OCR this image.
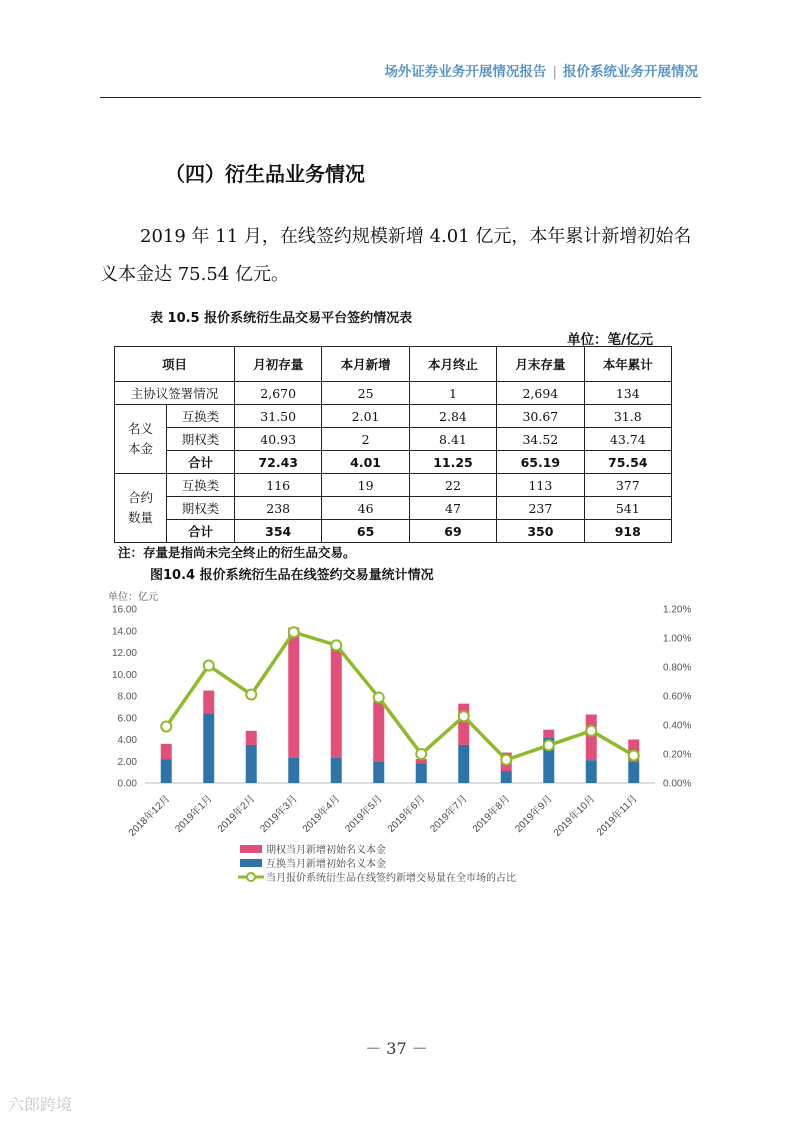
场外证券业务开展情况报告 | 报价系统业务开展情况
（四）衍生品业务情况
2019 年 11 月，在线签约规模新增 4.01 亿元，本年累计新增初始名义本金达 75.54 亿元。
表 10.5 报价系统衍生品交易平台签约情况表
单位：笔/亿元
项目		月初存量	本月新增	本月终止	月末存量	本年累计
主协议签署情况		2,670	25	1	2,694	134
名义本金	互换类	31.50	2.01	2.84	30.67	31.8
	期权类	40.93	2	8.41	34.52	43.74
	合计	72.43	4.01	11.25	65.19	75.54
合约数量	互换类	116	19	22	113	377
	期权类	238	46	47	237	541
	合计	354	65	69	350	918
注：存量是指尚未完全终止的衍生品交易。
图10.4 报价系统衍生品在线签约交易量统计情况
单位：亿元
0.00
2.00
4.00
6.00
8.00
10.00
12.00
14.00
16.00
0.00%
0.20%
0.40%
0.60%
0.80%
1.00%
1.20%
2018年12月 2019年1月 2019年2月 2019年3月 2019年4月 2019年5月 2019年6月 2019年7月 2019年8月 2019年9月
2019年10月
2019年11月
期权当月新增初始名义本金
互换当月新增初始名义本金
当月报价系统衍生品在线签约新增交易量在全市场的占比
－ 37 －
六郎跨境
